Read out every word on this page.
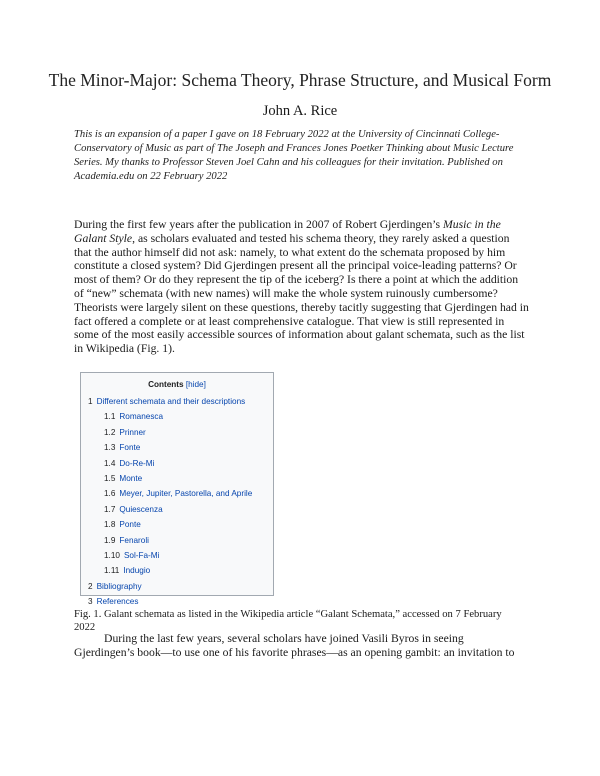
The Minor-Major: Schema Theory, Phrase Structure, and Musical Form
John A. Rice
This is an expansion of a paper I gave on 18 February 2022 at the University of Cincinnati College-
Conservatory of Music as part of The Joseph and Frances Jones Poetker Thinking about Music Lecture
Series. My thanks to Professor Steven Joel Cahn and his colleagues for their invitation. Published on
Academia.edu on 22 February 2022
During the first few years after the publication in 2007 of Robert Gjerdingen’s Music in the
Galant Style, as scholars evaluated and tested his schema theory, they rarely asked a question
that the author himself did not ask: namely, to what extent do the schemata proposed by him
constitute a closed system? Did Gjerdingen present all the principal voice-leading patterns? Or
most of them? Or do they represent the tip of the iceberg? Is there a point at which the addition
of “new” schemata (with new names) will make the whole system ruinously cumbersome?
Theorists were largely silent on these questions, thereby tacitly suggesting that Gjerdingen had in
fact offered a complete or at least comprehensive catalogue. That view is still represented in
some of the most easily accessible sources of information about galant schemata, such as the list
in Wikipedia (Fig. 1).
Contents [hide]
1 Different schemata and their descriptions
1.1 Romanesca
1.2 Prinner
1.3 Fonte
1.4 Do-Re-Mi
1.5 Monte
1.6 Meyer, Jupiter, Pastorella, and Aprile
1.7 Quiescenza
1.8 Ponte
1.9 Fenaroli
1.10 Sol-Fa-Mi
1.11 Indugio
2 Bibliography
3 References
Fig. 1. Galant schemata as listed in the Wikipedia article “Galant Schemata,” accessed on 7 February
2022
During the last few years, several scholars have joined Vasili Byros in seeing
Gjerdingen’s book—to use one of his favorite phrases—as an opening gambit: an invitation to
